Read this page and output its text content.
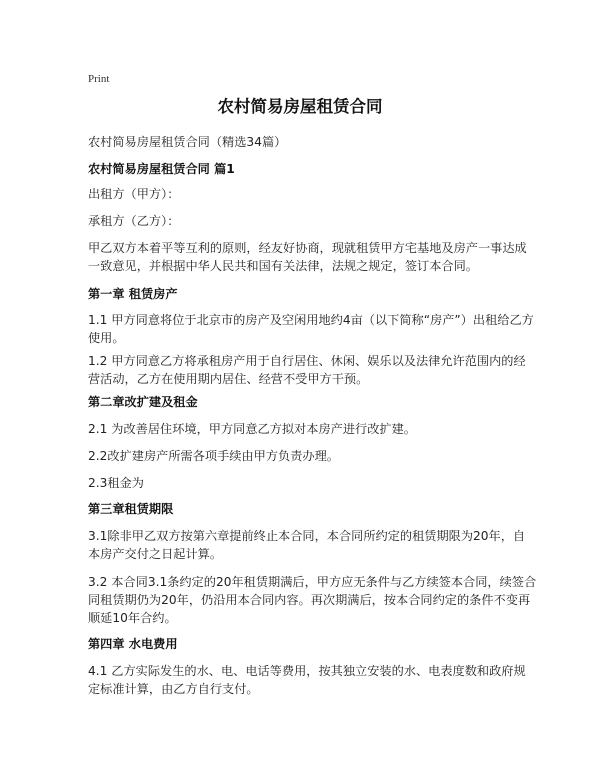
Print
农村简易房屋租赁合同
农村简易房屋租赁合同（精选34篇）
农村简易房屋租赁合同 篇1
出租方（甲方）：
承租方（乙方）：
甲乙双方本着平等互利的原则，经友好协商，现就租赁甲方宅基地及房产一事达成
一致意见，并根据中华人民共和国有关法律，法规之规定，签订本合同。
第一章 租赁房产
1.1 甲方同意将位于北京市的房产及空闲用地约4亩（以下简称“房产”）出租给乙方
使用。
1.2 甲方同意乙方将承租房产用于自行居住、休闲、娱乐以及法律允许范围内的经
营活动，乙方在使用期内居住、经营不受甲方干预。
第二章改扩建及租金
2.1 为改善居住环境，甲方同意乙方拟对本房产进行改扩建。
2.2改扩建房产所需各项手续由甲方负责办理。
2.3租金为
第三章租赁期限
3.1除非甲乙双方按第六章提前终止本合同，本合同所约定的租赁期限为20年，自
本房产交付之日起计算。
3.2 本合同3.1条约定的20年租赁期满后，甲方应无条件与乙方续签本合同，续签合
同租赁期仍为20年，仍沿用本合同内容。再次期满后，按本合同约定的条件不变再
顺延10年合约。
第四章 水电费用
4.1 乙方实际发生的水、电、电话等费用，按其独立安装的水、电表度数和政府规
定标准计算，由乙方自行支付。
